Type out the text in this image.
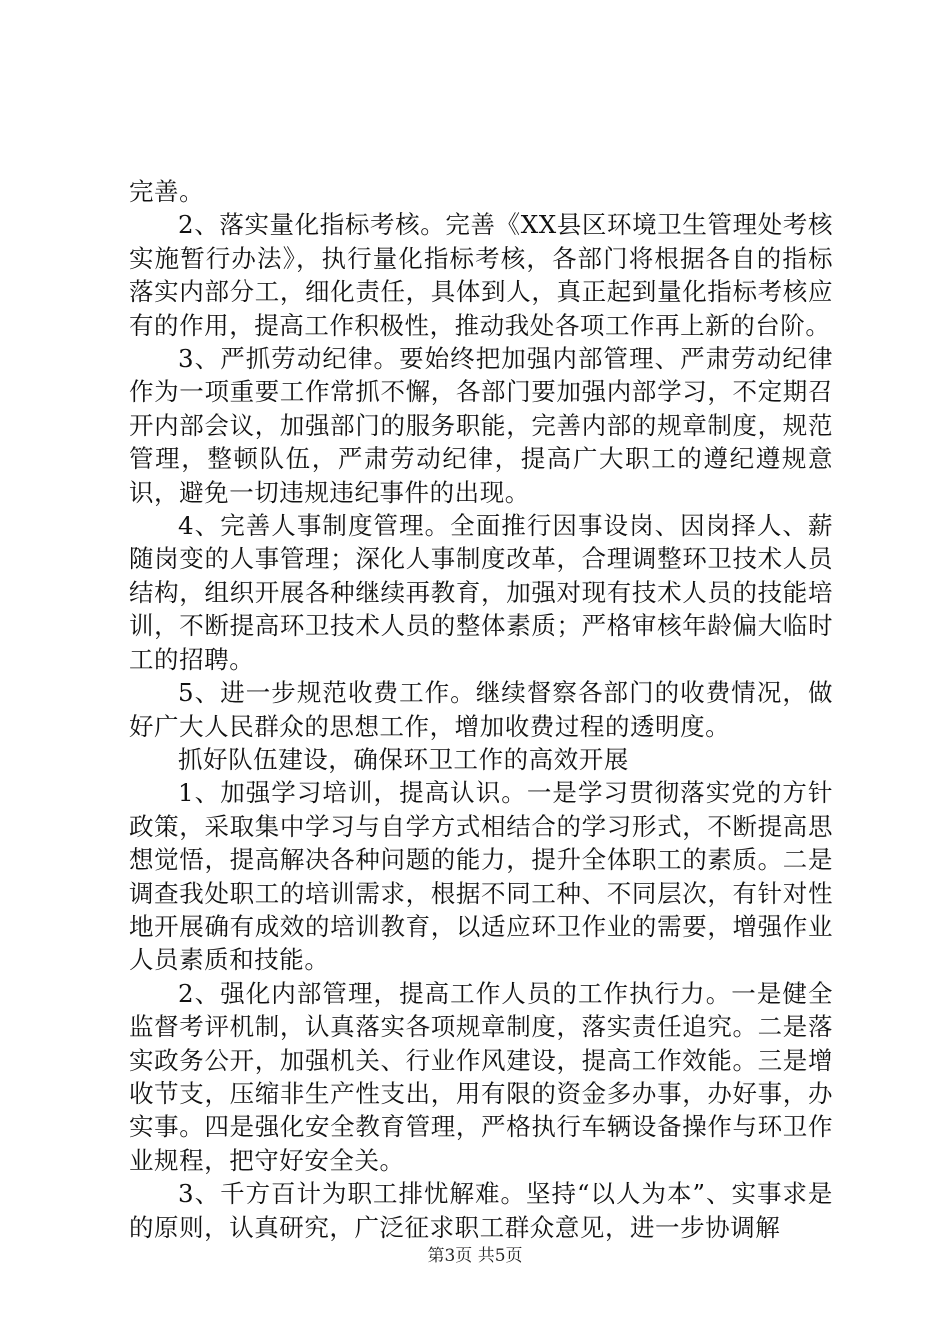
完善。

2、落实量化指标考核。完善《XX县区环境卫生管理处考核实施暂行办法》，执行量化指标考核，各部门将根据各自的指标落实内部分工，细化责任，具体到人，真正起到量化指标考核应有的作用，提高工作积极性，推动我处各项工作再上新的台阶。

3、严抓劳动纪律。要始终把加强内部管理、严肃劳动纪律作为一项重要工作常抓不懈，各部门要加强内部学习，不定期召开内部会议，加强部门的服务职能，完善内部的规章制度，规范管理，整顿队伍，严肃劳动纪律，提高广大职工的遵纪遵规意识，避免一切违规违纪事件的出现。

4、完善人事制度管理。全面推行因事设岗、因岗择人、薪随岗变的人事管理；深化人事制度改革，合理调整环卫技术人员结构，组织开展各种继续再教育，加强对现有技术人员的技能培训，不断提高环卫技术人员的整体素质；严格审核年龄偏大临时工的招聘。

5、进一步规范收费工作。继续督察各部门的收费情况，做好广大人民群众的思想工作，增加收费过程的透明度。

抓好队伍建设，确保环卫工作的高效开展

1、加强学习培训，提高认识。一是学习贯彻落实党的方针政策，采取集中学习与自学方式相结合的学习形式，不断提高思想觉悟，提高解决各种问题的能力，提升全体职工的素质。二是调查我处职工的培训需求，根据不同工种、不同层次，有针对性地开展确有成效的培训教育，以适应环卫作业的需要，增强作业人员素质和技能。

2、强化内部管理，提高工作人员的工作执行力。一是健全监督考评机制，认真落实各项规章制度，落实责任追究。二是落实政务公开，加强机关、行业作风建设，提高工作效能。三是增收节支，压缩非生产性支出，用有限的资金多办事，办好事，办实事。四是强化安全教育管理，严格执行车辆设备操作与环卫作业规程，把守好安全关。

3、千方百计为职工排忧解难。坚持“以人为本”、实事求是的原则，认真研究，广泛征求职工群众意见，进一步协调解

第3页 共5页
